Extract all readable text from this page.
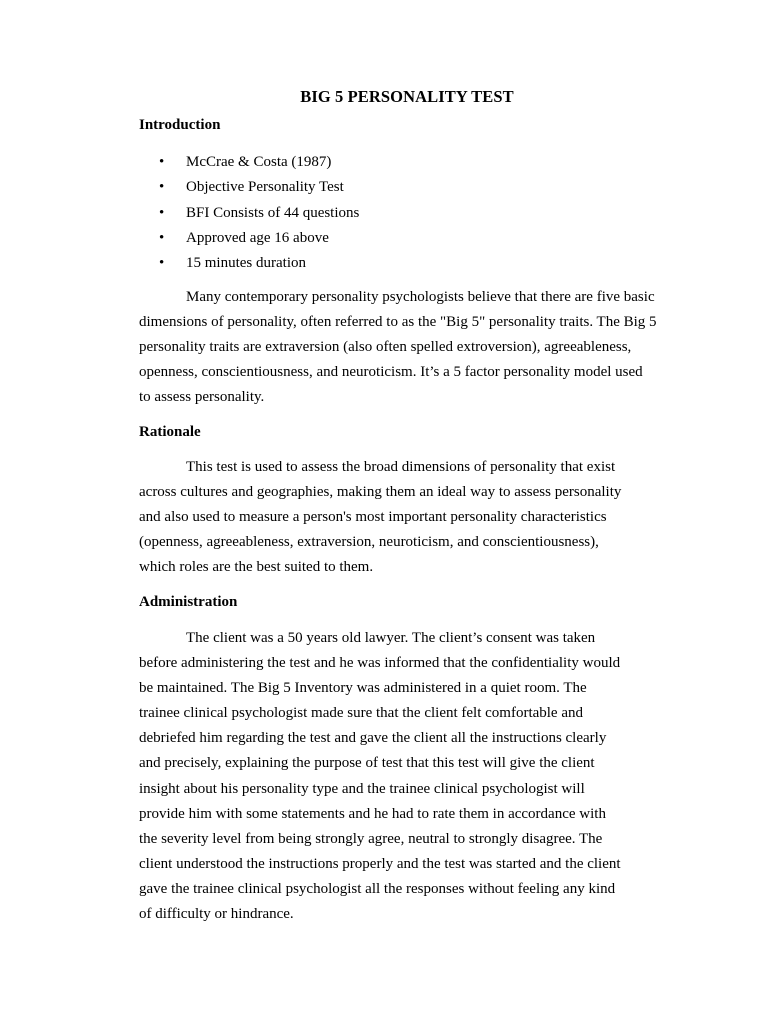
BIG 5 PERSONALITY TEST
Introduction
• McCrae & Costa (1987)
• Objective Personality Test
• BFI Consists of 44 questions
• Approved age 16 above
• 15 minutes duration
Many contemporary personality psychologists believe that there are five basic
dimensions of personality, often referred to as the "Big 5" personality traits. The Big 5
personality traits are extraversion (also often spelled extroversion), agreeableness,
openness, conscientiousness, and neuroticism. It’s a 5 factor personality model used
to assess personality.
Rationale
This test is used to assess the broad dimensions of personality that exist
across cultures and geographies, making them an ideal way to assess personality
and also used to measure a person's most important personality characteristics
(openness, agreeableness, extraversion, neuroticism, and conscientiousness),
which roles are the best suited to them.
Administration
The client was a 50 years old lawyer. The client’s consent was taken
before administering the test and he was informed that the confidentiality would
be maintained. The Big 5 Inventory was administered in a quiet room. The
trainee clinical psychologist made sure that the client felt comfortable and
debriefed him regarding the test and gave the client all the instructions clearly
and precisely, explaining the purpose of test that this test will give the client
insight about his personality type and the trainee clinical psychologist will
provide him with some statements and he had to rate them in accordance with
the severity level from being strongly agree, neutral to strongly disagree. The
client understood the instructions properly and the test was started and the client
gave the trainee clinical psychologist all the responses without feeling any kind
of difficulty or hindrance.
